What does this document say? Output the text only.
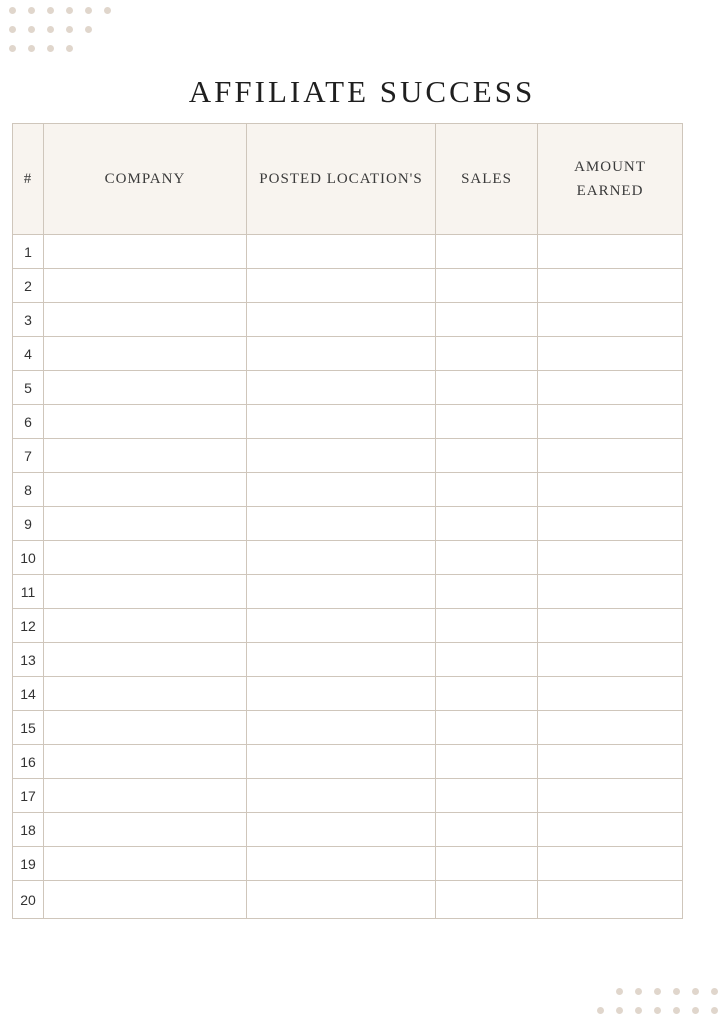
AFFILIATE SUCCESS
#	COMPANY	POSTED LOCATION'S	SALES	AMOUNT
EARNED
1				
2				
3				
4				
5				
6				
7				
8				
9				
10				
11				
12				
13				
14				
15				
16				
17				
18				
19				
20				
